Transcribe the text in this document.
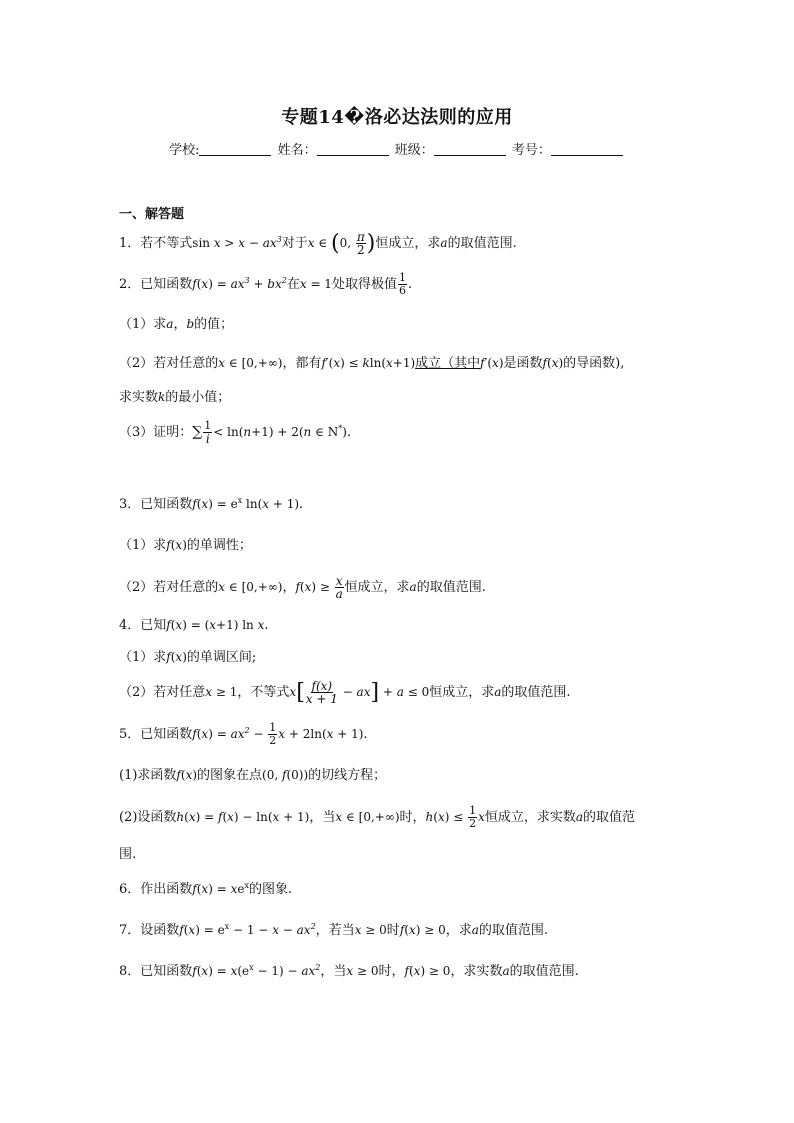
专题14�洛必达法则的应用
学校:	姓名：	班级：	考号：
一、解答题
1．若不等式$\sin x > x - ax^3$对于x ∈ (0, $\frac{\pi}{2}$ )恒成立，求a的取值范围.
2．已知函数$f(x) = ax^3 + bx^2$在x = 1处取得极值 $\frac{1}{6}$ .
（1）求a，b的值；
（2）若对任意的x ∈ [0,+∞)，都有f′(x) ≤ kln(x+1)成立（其中f′(x)是函数f(x)的导函数),
求实数k的最小值；
（3）证明：∑ $\frac{1}{i} < \ln(n+1) + 2(n$ ∈ N*).
3．已知函数$f(x) = e^x$ ln(x + 1).
（1）求f(x)的单调性；
（2）若对任意的x ∈ [0,+∞)，$f(x) \ge \frac{x}{a}$ 恒成立，求a的取值范围.
4．已知f(x) = (x+1) ln x.
（1）求f(x)的单调区间;
（2）若对任意x ≥ 1，不等式$x[ \frac{f(x)}{x + 1} - ax] + a \le 0$恒成立，求a的取值范围.
5．已知函数$f(x) = ax^2 - \frac{1}{2}$ x + 2ln(x + 1).
(1)求函数f(x)的图象在点(0, f(0))的切线方程；
(2)设函数h(x) = f(x) − ln(x + 1)，当x ∈ [0,+∞)时，$h(x) \le \frac{1}{2}$ x恒成立，求实数a的取值范
围.
6．作出函数$f(x) = xe^x$的图象.
7．设函数$f(x) = e^x - 1 - x - ax^2$，若当x ≥ 0时f(x) ≥ 0，求a的取值范围.
8．已知函数$f(x) = x(e^x - 1) - ax^2$，当x ≥ 0时，f(x) ≥ 0，求实数a的取值范围.
